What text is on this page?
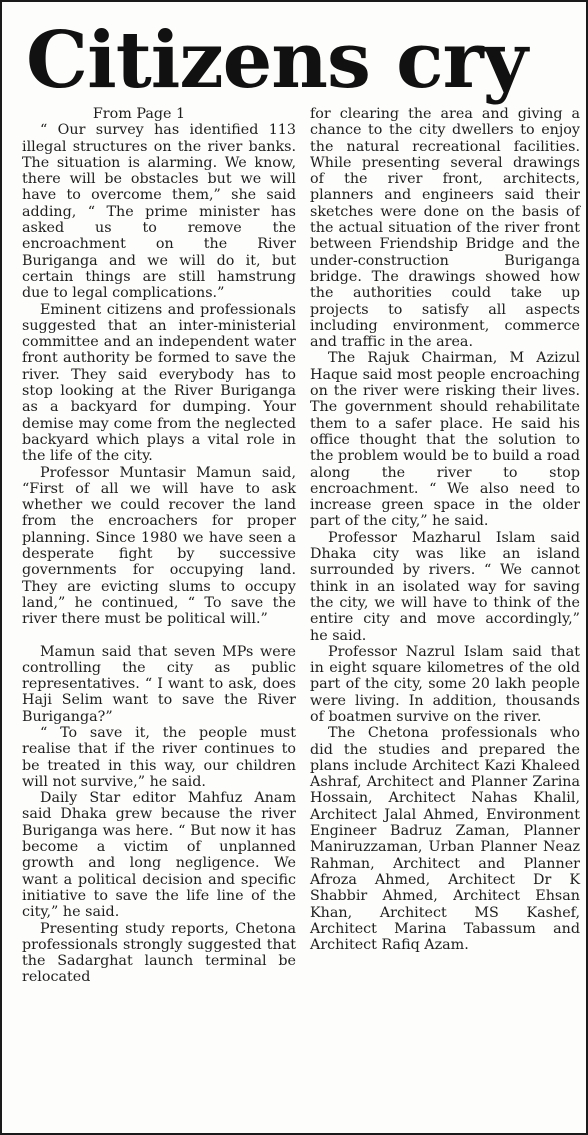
Citizens cry

From Page 1

“ Our survey has identified 113 illegal structures on the river banks. The situation is alarming. We know, there will be obstacles but we will have to overcome them,” she said adding, “ The prime minister has asked us to remove the encroachment on the River Buriganga and we will do it, but certain things are still hamstrung due to legal complications.”

Eminent citizens and professionals suggested that an inter-ministerial committee and an independent water front authority be formed to save the river. They said everybody has to stop looking at the River Buriganga as a backyard for dumping. Your demise may come from the neglected backyard which plays a vital role in the life of the city.

Professor Muntasir Mamun said, “First of all we will have to ask whether we could recover the land from the encroachers for proper planning. Since 1980 we have seen a desperate fight by successive governments for occupying land. They are evicting slums to occupy land,” he continued, “ To save the river there must be political will.”

Mamun said that seven MPs were controlling the city as public representatives. “ I want to ask, does Haji Selim want to save the River Buriganga?”

“ To save it, the people must realise that if the river continues to be treated in this way, our children will not survive,” he said.

Daily Star editor Mahfuz Anam said Dhaka grew because the river Buriganga was here. “ But now it has become a victim of unplanned growth and long negligence. We want a political decision and specific initiative to save the life line of the city,” he said.

Presenting study reports, Chetona professionals strongly suggested that the Sadarghat launch terminal be relocated

for clearing the area and giving a chance to the city dwellers to enjoy the natural recreational facilities. While presenting several drawings of the river front, architects, planners and engineers said their sketches were done on the basis of the actual situation of the river front between Friendship Bridge and the under-construction Buriganga bridge. The drawings showed how the authorities could take up projects to satisfy all aspects including environment, commerce and traffic in the area.

The Rajuk Chairman, M Azizul Haque said most people encroaching on the river were risking their lives. The government should rehabilitate them to a safer place. He said his office thought that the solution to the problem would be to build a road along the river to stop encroachment. “ We also need to increase green space in the older part of the city,” he said.

Professor Mazharul Islam said Dhaka city was like an island surrounded by rivers. “ We cannot think in an isolated way for saving the city, we will have to think of the entire city and move accordingly,” he said.

Professor Nazrul Islam said that in eight square kilometres of the old part of the city, some 20 lakh people were living. In addition, thousands of boatmen survive on the river.

The Chetona professionals who did the studies and prepared the plans include Architect Kazi Khaleed Ashraf, Architect and Planner Zarina Hossain, Architect Nahas Khalil, Architect Jalal Ahmed, Environment Engineer Badruz Zaman, Planner Maniruzzaman, Urban Planner Neaz Rahman, Architect and Planner Afroza Ahmed, Architect Dr K Shabbir Ahmed, Architect Ehsan Khan, Architect MS Kashef, Architect Marina Tabassum and Architect Rafiq Azam.
